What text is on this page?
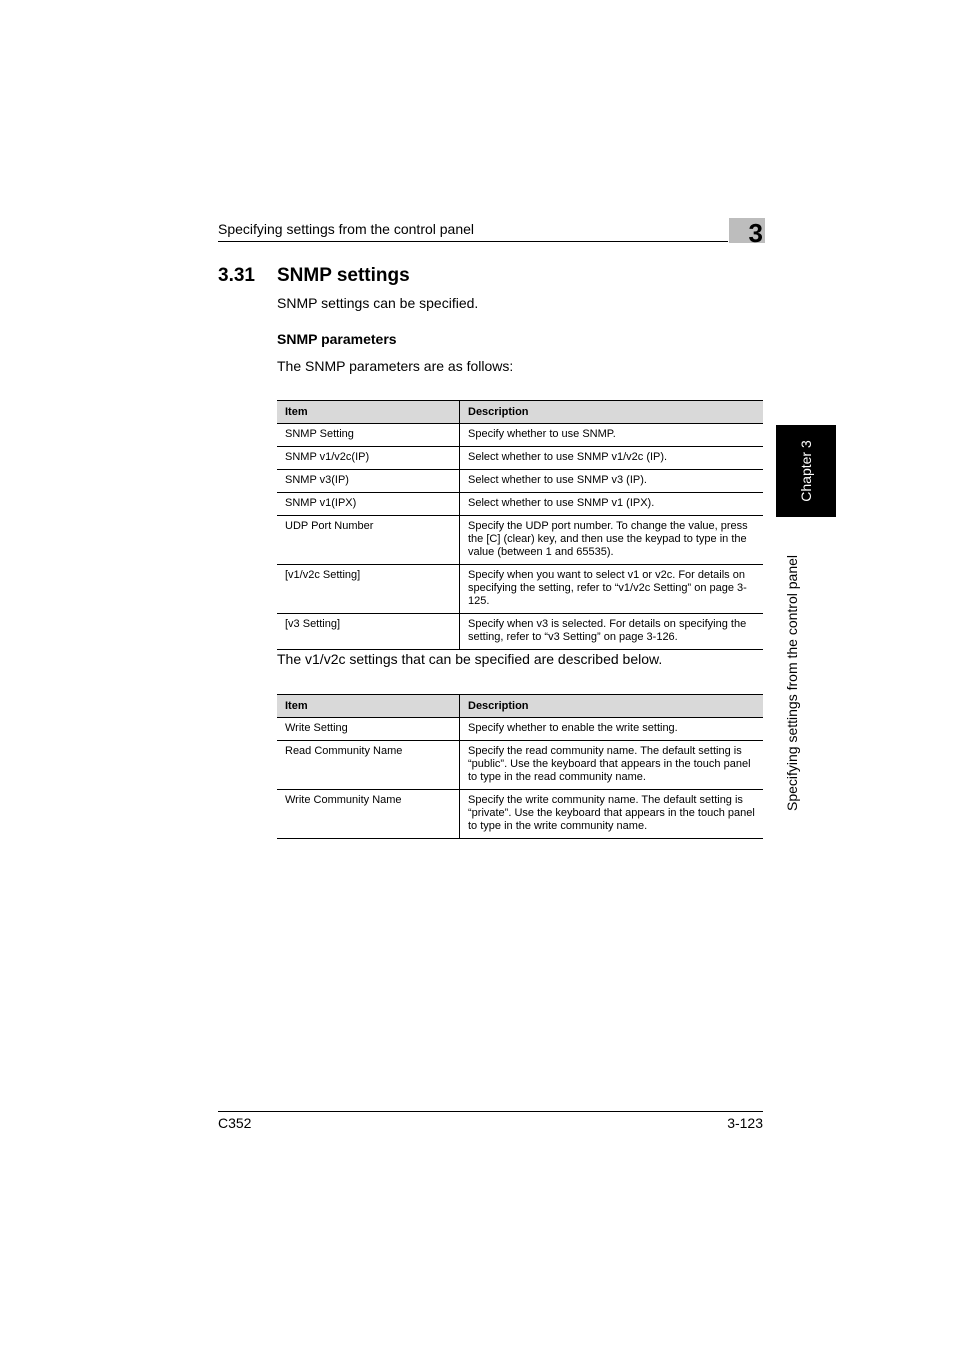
Specifying settings from the control panel	3
3.31 SNMP settings
SNMP settings can be specified.
SNMP parameters
The SNMP parameters are as follows:
Item	Description
SNMP Setting	Specify whether to use SNMP.
SNMP v1/v2c(IP)	Select whether to use SNMP v1/v2c (IP).
SNMP v3(IP)	Select whether to use SNMP v3 (IP).
SNMP v1(IPX)	Select whether to use SNMP v1 (IPX).
UDP Port Number	Specify the UDP port number. To change the value, press the [C] (clear) key, and then use the keypad to type in the value (between 1 and 65535).
[v1/v2c Setting]	Specify when you want to select v1 or v2c. For details on specifying the setting, refer to “v1/v2c Setting” on page 3-125.
[v3 Setting]	Specify when v3 is selected. For details on specifying the setting, refer to “v3 Setting” on page 3-126.
The v1/v2c settings that can be specified are described below.
Item	Description
Write Setting	Specify whether to enable the write setting.
Read Community Name	Specify the read community name. The default setting is “public”. Use the keyboard that appears in the touch panel to type in the read community name.
Write Community Name	Specify the write community name. The default setting is “private”. Use the keyboard that appears in the touch panel to type in the write community name.
Chapter 3
Specifying settings from the control panel
C352	3-123
